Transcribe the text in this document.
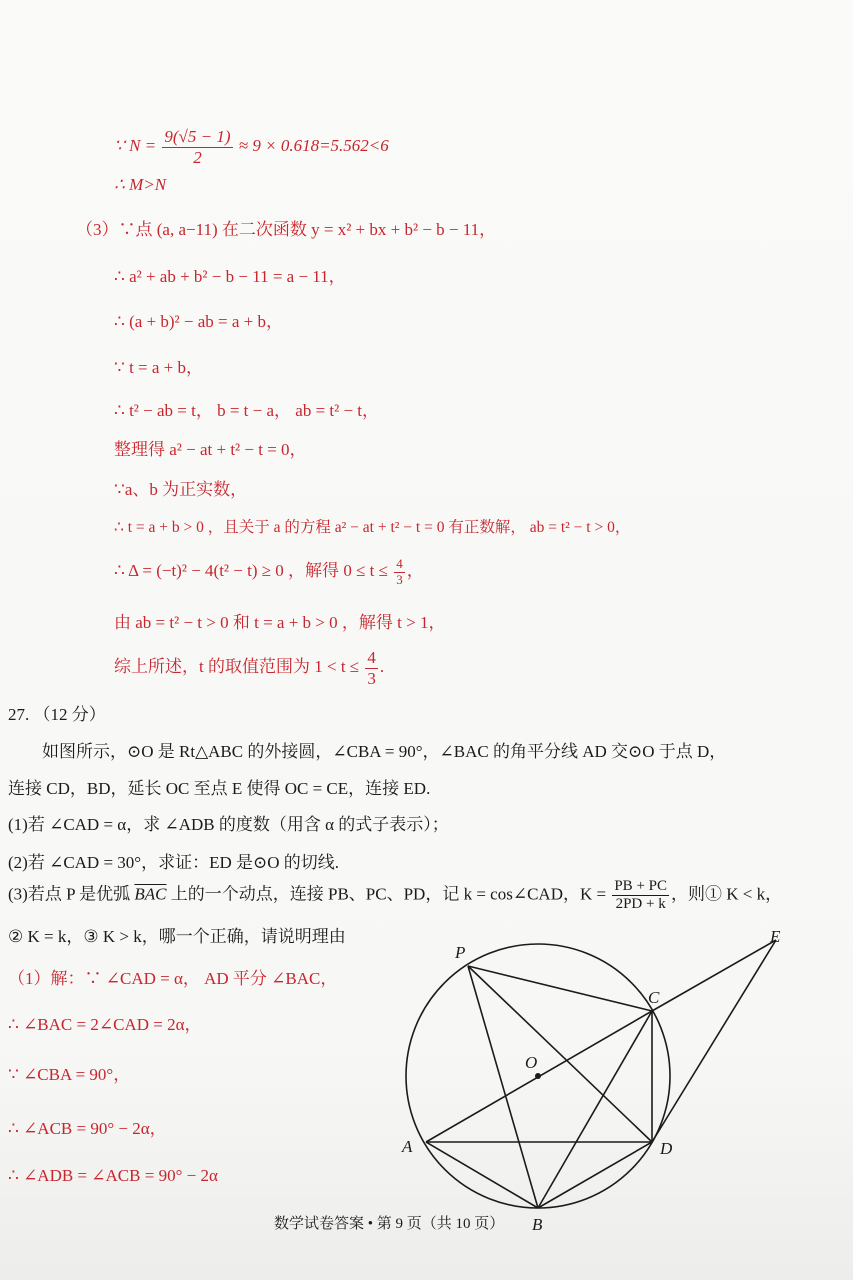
∵ $N = \frac{9(√5 - 1)}{2} \approx 9 \times 0.618=5.562<6$
∴ M>N
（3）∵点 (a, a−11) 在二次函数 y = x² + bx + b² − b − 11，
∴ a² + ab + b² − b − 11 = a − 11，
∴ (a + b)² − ab = a + b，
∵ t = a + b，
∴ t² − ab = t， b = t − a， ab = t² − t，
整理得 a² − at + t² − t = 0，
∵a、b 为正实数，
∴ t = a + b > 0 ，且关于 a 的方程 a² − at + t² − t = 0 有正数解， ab = t² − t > 0，
∴ Δ = (−t)² − 4(t² − t) ≥ 0 ，解得 $0 \le t \le \frac{4}{3}$ ，
由 ab = t² − t > 0 和 t = a + b > 0 ，解得 t > 1，
综上所述，t 的取值范围为 $1 < t \le \frac{4}{3}$ .
27. （12 分）
如图所示，⊙O 是 Rt△ABC 的外接圆，∠CBA = 90°，∠BAC 的角平分线 AD 交⊙O 于点 D，
连接 CD，BD，延长 OC 至点 E 使得 OC = CE，连接 ED.
(1)若 ∠CAD = α，求 ∠ADB 的度数（用含 α 的式子表示）；
(2)若 ∠CAD = 30°，求证：ED 是⊙O 的切线.
(3)若点 P 是优弧 $\overline{BAC}$ 上的一个动点，连接 PB、PC、PD，记 k = cos∠CAD，$K = \frac{PB + PC}{2PD + k}$ ，则① K < k，
② K = k，③ K > k，哪一个正确，请说明理由
（1）解：∵ ∠CAD = α， AD 平分 ∠BAC，
∴ ∠BAC = 2∠CAD = 2α，
∵ ∠CBA = 90°，
∴ ∠ACB = 90° − 2α，
∴ ∠ADB = ∠ACB = 90° − 2α
P
C
E
O
A	D
B
数学试卷答案 • 第 9 页（共 10 页）
